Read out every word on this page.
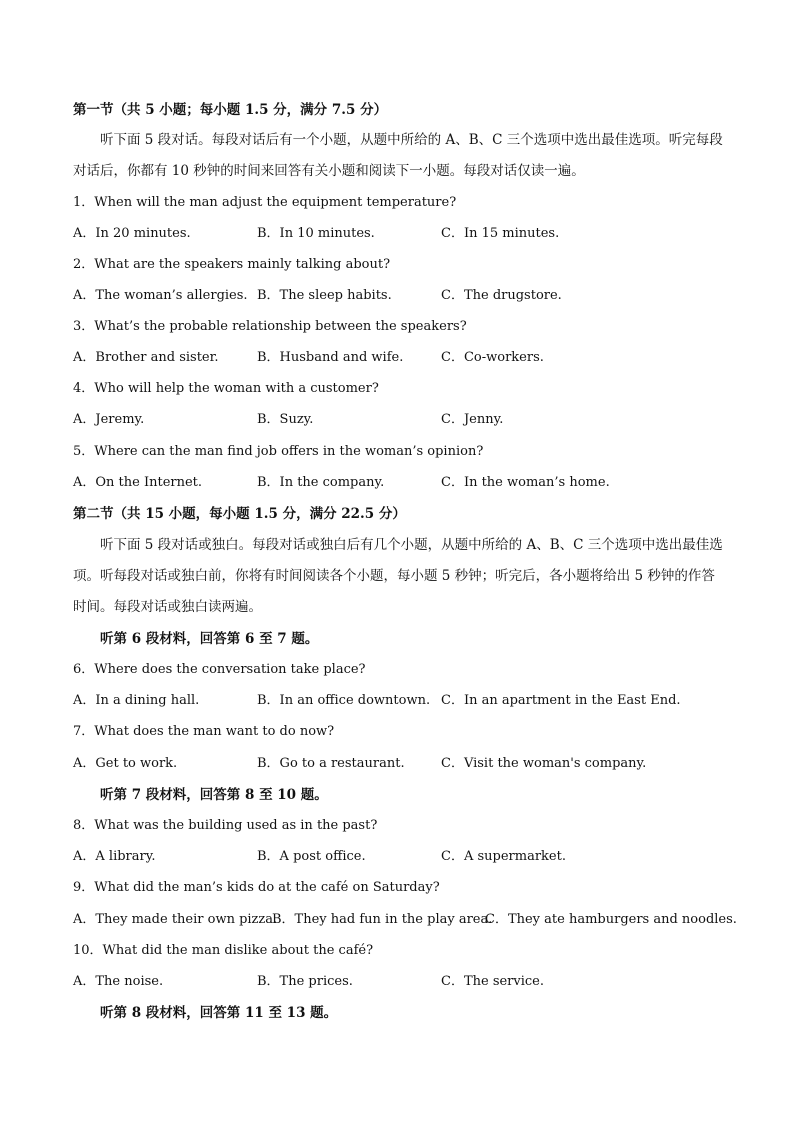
第一节（共 5 小题；每小题 1.5 分，满分 7.5 分）
听下面 5 段对话。每段对话后有一个小题，从题中所给的 A、B、C 三个选项中选出最佳选项。听完每段对话后，你都有 10 秒钟的时间来回答有关小题和阅读下一小题。每段对话仅读一遍。
1．When will the man adjust the equipment temperature?
A．In 20 minutes.	B．In 10 minutes.	C．In 15 minutes.
2．What are the speakers mainly talking about?
A．The woman’s allergies. B．The sleep habits.	C．The drugstore.
3．What’s the probable relationship between the speakers?
A．Brother and sister.	B．Husband and wife.	C．Co-workers.
4．Who will help the woman with a customer?
A．Jeremy.	B．Suzy.	C．Jenny.
5．Where can the man find job offers in the woman’s opinion?
A．On the Internet.	B．In the company.	C．In the woman’s home.
第二节（共 15 小题，每小题 1.5 分，满分 22.5 分）
听下面 5 段对话或独白。每段对话或独白后有几个小题，从题中所给的 A、B、C 三个选项中选出最佳选项。听每段对话或独白前，你将有时间阅读各个小题，每小题 5 秒钟；听完后，各小题将给出 5 秒钟的作答时间。每段对话或独白读两遍。
听第 6 段材料，回答第 6 至 7 题。
6．Where does the conversation take place?
A．In a dining hall.	B．In an office downtown. C．In an apartment in the East End.
7．What does the man want to do now?
A．Get to work.	B．Go to a restaurant.	C．Visit the woman's company.
听第 7 段材料，回答第 8 至 10 题。
8．What was the building used as in the past?
A．A library.	B．A post office.	C．A supermarket.
9．What did the man’s kids do at the café on Saturday?
A．They made their own pizza.
B．They had fun in the play area.
C．They ate hamburgers and noodles.
10．What did the man dislike about the café?
A．The noise.	B．The prices.	C．The service.
听第 8 段材料，回答第 11 至 13 题。
